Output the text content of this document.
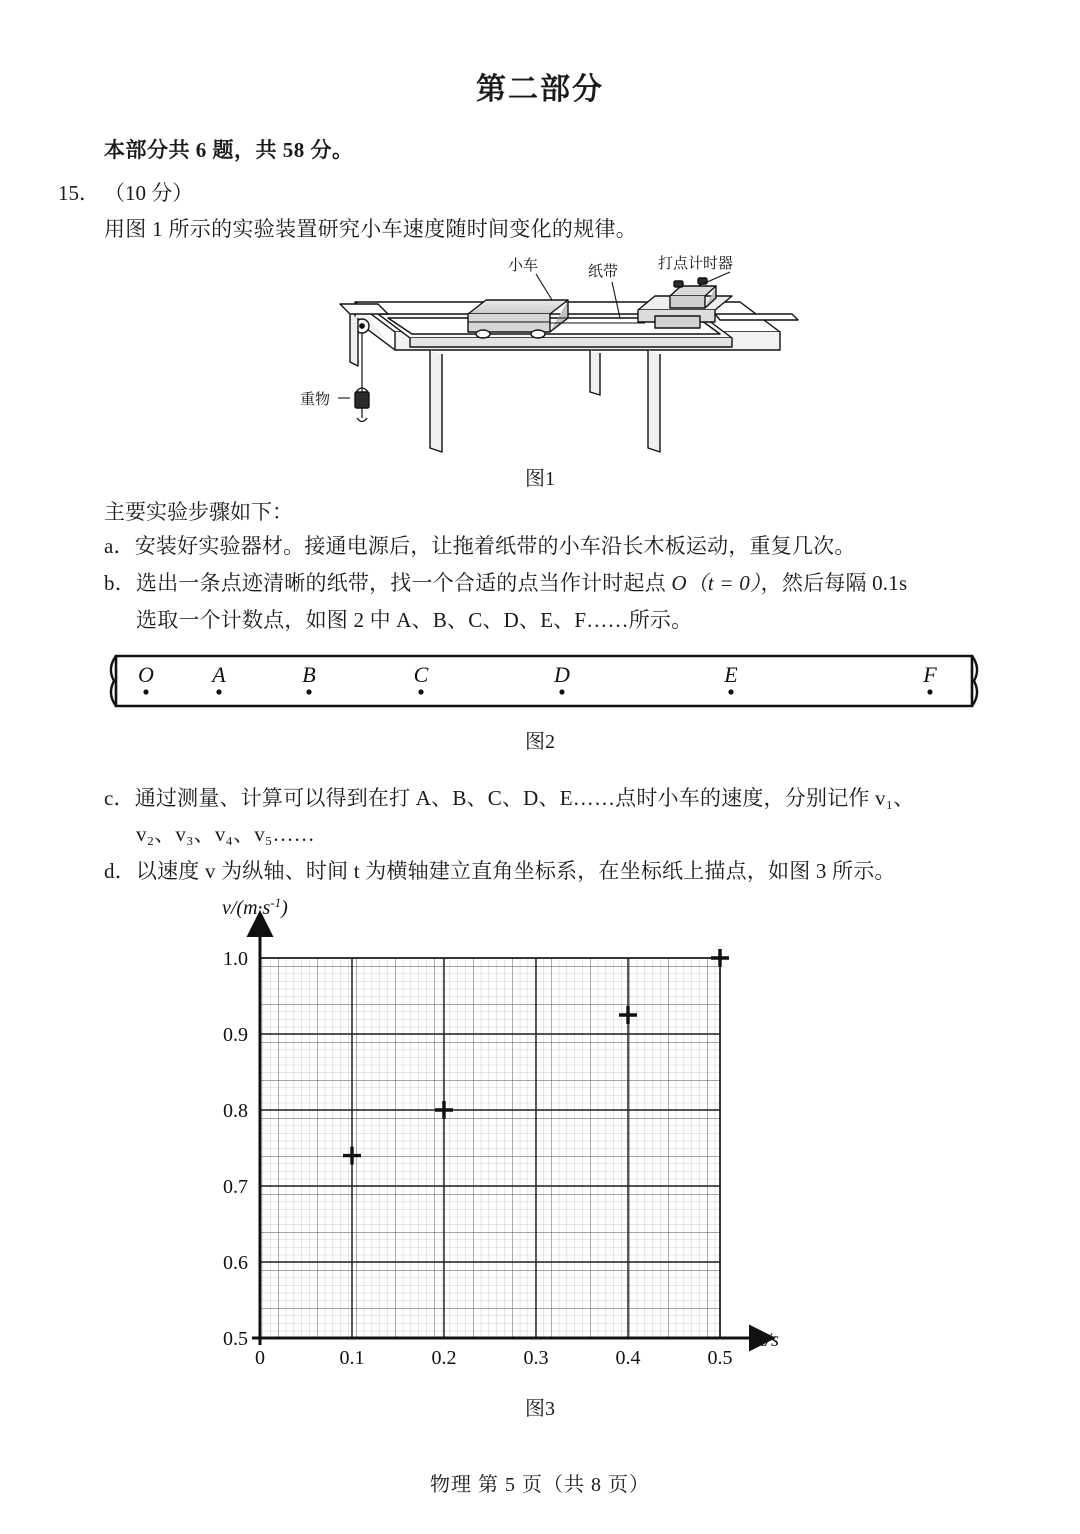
第二部分
本部分共 6 题，共 58 分。
15． （10 分）
用图 1 所示的实验装置研究小车速度随时间变化的规律。
小车	纸带	打点计时器
重物
图1
主要实验步骤如下：
a．安装好实验器材。接通电源后，让拖着纸带的小车沿长木板运动，重复几次。
b．选出一条点迹清晰的纸带，找一个合适的点当作计时起点 O（t = 0），然后每隔 0.1s
选取一个计数点，如图 2 中 A、B、C、D、E、F……所示。
O	A	B	C	D	E	F
图2
c．通过测量、计算可以得到在打 A、B、C、D、E……点时小车的速度，分别记作 v₁、
v₂、v₃、v₄、v₅……
d．以速度 v 为纵轴、时间 t 为横轴建立直角坐标系，在坐标纸上描点，如图 3 所示。
0.5
0.6
0.7
0.8
0.9
1.0
0	0.1	0.2	0.3	0.4	0.5
$v/(m\cdot s^{-1})$
t/s
图3
物理 第 5 页（共 8 页）
